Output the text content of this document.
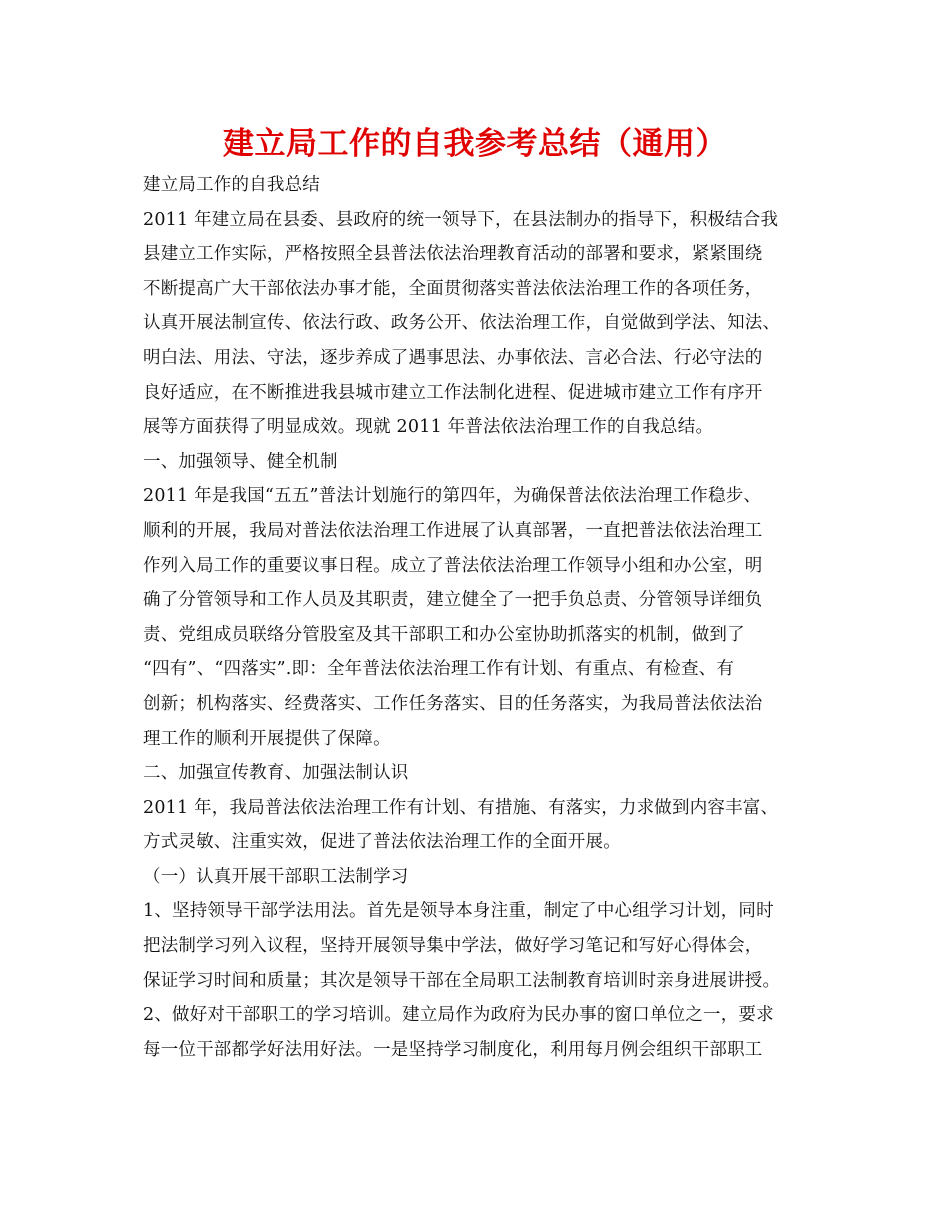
建立局工作的自我参考总结（通用）
建立局工作的自我总结
2011 年建立局在县委、县政府的统一领导下，在县法制办的指导下，积极结合我
县建立工作实际，严格按照全县普法依法治理教育活动的部署和要求，紧紧围绕
不断提高广大干部依法办事才能，全面贯彻落实普法依法治理工作的各项任务，
认真开展法制宣传、依法行政、政务公开、依法治理工作，自觉做到学法、知法、
明白法、用法、守法，逐步养成了遇事思法、办事依法、言必合法、行必守法的
良好适应，在不断推进我县城市建立工作法制化进程、促进城市建立工作有序开
展等方面获得了明显成效。现就 2011 年普法依法治理工作的自我总结。
一、加强领导、健全机制
2011 年是我国“五五”普法计划施行的第四年，为确保普法依法治理工作稳步、
顺利的开展，我局对普法依法治理工作进展了认真部署，一直把普法依法治理工
作列入局工作的重要议事日程。成立了普法依法治理工作领导小组和办公室，明
确了分管领导和工作人员及其职责，建立健全了一把手负总责、分管领导详细负
责、党组成员联络分管股室及其干部职工和办公室协助抓落实的机制，做到了
“四有”、“四落实”.即：全年普法依法治理工作有计划、有重点、有检查、有
创新；机构落实、经费落实、工作任务落实、目的任务落实，为我局普法依法治
理工作的顺利开展提供了保障。
二、加强宣传教育、加强法制认识
2011 年，我局普法依法治理工作有计划、有措施、有落实，力求做到内容丰富、
方式灵敏、注重实效，促进了普法依法治理工作的全面开展。
（一）认真开展干部职工法制学习
1、坚持领导干部学法用法。首先是领导本身注重，制定了中心组学习计划，同时
把法制学习列入议程，坚持开展领导集中学法，做好学习笔记和写好心得体会，
保证学习时间和质量；其次是领导干部在全局职工法制教育培训时亲身进展讲授。
2、做好对干部职工的学习培训。建立局作为政府为民办事的窗口单位之一，要求
每一位干部都学好法用好法。一是坚持学习制度化，利用每月例会组织干部职工
